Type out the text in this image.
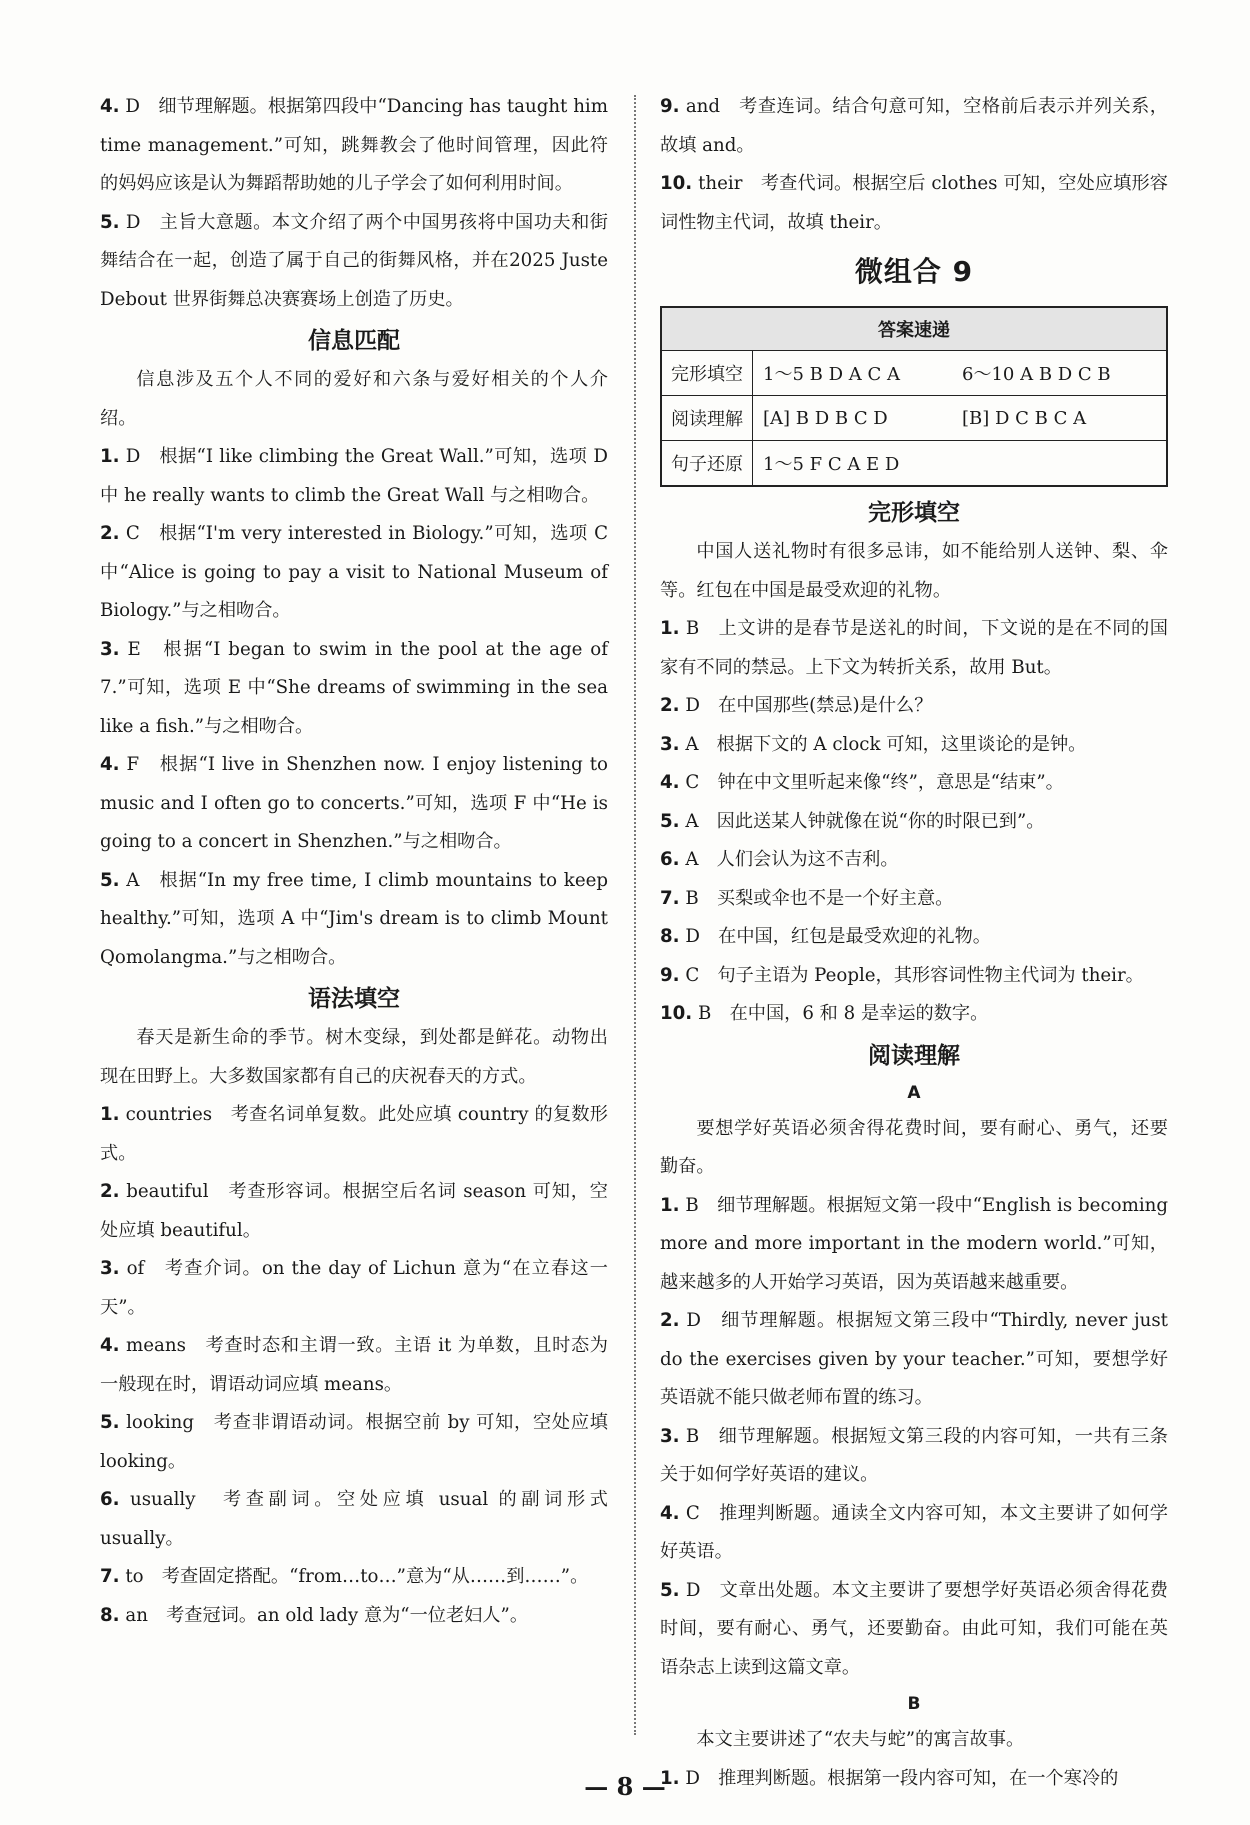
4. D　细节理解题。根据第四段中“Dancing has taught him time management.”可知，跳舞教会了他时间管理，因此符的妈妈应该是认为舞蹈帮助她的儿子学会了如何利用时间。

5. D　主旨大意题。本文介绍了两个中国男孩将中国功夫和街舞结合在一起，创造了属于自己的街舞风格，并在2025 Juste Debout 世界街舞总决赛赛场上创造了历史。

信息匹配

信息涉及五个人不同的爱好和六条与爱好相关的个人介绍。

1. D　根据“I like climbing the Great Wall.”可知，选项 D 中 he really wants to climb the Great Wall 与之相吻合。

2. C　根据“I'm very interested in Biology.”可知，选项 C 中“Alice is going to pay a visit to National Museum of Biology.”与之相吻合。

3. E　根据“I began to swim in the pool at the age of 7.”可知，选项 E 中“She dreams of swimming in the sea like a fish.”与之相吻合。

4. F　根据“I live in Shenzhen now. I enjoy listening to music and I often go to concerts.”可知，选项 F 中“He is going to a concert in Shenzhen.”与之相吻合。

5. A　根据“In my free time, I climb mountains to keep healthy.”可知，选项 A 中“Jim's dream is to climb Mount Qomolangma.”与之相吻合。

语法填空

春天是新生命的季节。树木变绿，到处都是鲜花。动物出现在田野上。大多数国家都有自己的庆祝春天的方式。

1. countries　考查名词单复数。此处应填 country 的复数形式。

2. beautiful　考查形容词。根据空后名词 season 可知，空处应填 beautiful。

3. of　考查介词。on the day of Lichun 意为“在立春这一天”。

4. means　考查时态和主谓一致。主语 it 为单数，且时态为一般现在时，谓语动词应填 means。

5. looking　考查非谓语动词。根据空前 by 可知，空处应填 looking。

6. usually　考查副词。空处应填 usual 的副词形式 usually。

7. to　考查固定搭配。“from…to…”意为“从……到……”。

8. an　考查冠词。an old lady 意为“一位老妇人”。

9. and　考查连词。结合句意可知，空格前后表示并列关系，故填 and。

10. their　考查代词。根据空后 clothes 可知，空处应填形容词性物主代词，故填 their。

微组合 9
答案速递		
完形填空	1～5 B D A C A	6～10 A B D C B
阅读理解	[A] B D B C D	[B] D C B C A
句子还原	1～5 F C A E D	
完形填空

中国人送礼物时有很多忌讳，如不能给别人送钟、梨、伞等。红包在中国是最受欢迎的礼物。

1. B　上文讲的是春节是送礼的时间，下文说的是在不同的国家有不同的禁忌。上下文为转折关系，故用 But。

2. D　在中国那些(禁忌)是什么？

3. A　根据下文的 A clock 可知，这里谈论的是钟。

4. C　钟在中文里听起来像“终”，意思是“结束”。

5. A　因此送某人钟就像在说“你的时限已到”。

6. A　人们会认为这不吉利。

7. B　买梨或伞也不是一个好主意。

8. D　在中国，红包是最受欢迎的礼物。

9. C　句子主语为 People，其形容词性物主代词为 their。

10. B　在中国，6 和 8 是幸运的数字。

阅读理解
A

要想学好英语必须舍得花费时间，要有耐心、勇气，还要勤奋。

1. B　细节理解题。根据短文第一段中“English is becoming more and more important in the modern world.”可知，越来越多的人开始学习英语，因为英语越来越重要。

2. D　细节理解题。根据短文第三段中“Thirdly, never just do the exercises given by your teacher.”可知，要想学好英语就不能只做老师布置的练习。

3. B　细节理解题。根据短文第三段的内容可知，一共有三条关于如何学好英语的建议。

4. C　推理判断题。通读全文内容可知，本文主要讲了如何学好英语。

5. D　文章出处题。本文主要讲了要想学好英语必须舍得花费时间，要有耐心、勇气，还要勤奋。由此可知，我们可能在英语杂志上读到这篇文章。

B

本文主要讲述了“农夫与蛇”的寓言故事。

1. D　推理判断题。根据第一段内容可知，在一个寒冷的

— 8 —
